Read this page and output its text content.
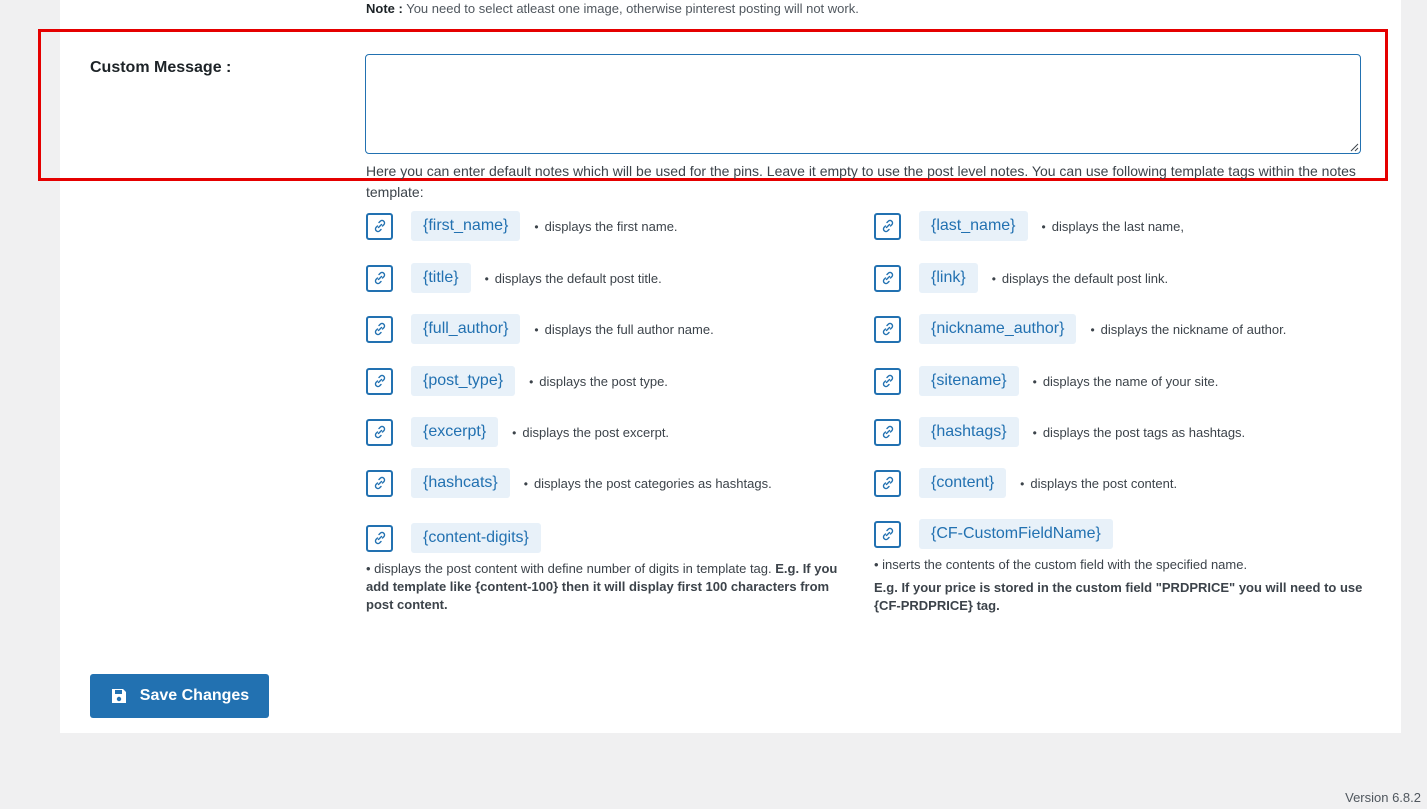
Note : You need to select atleast one image, otherwise pinterest posting will not work.
Custom Message :
Here you can enter default notes which will be used for the pins. Leave it empty to use the post level notes. You can use following template tags within the notes template:
{first_name}	• displays the first name.
{title}	• displays the default post title.
{full_author}	• displays the full author name.
{post_type}	• displays the post type.
{excerpt}	• displays the post excerpt.
{hashcats}	• displays the post categories as hashtags.
{content-digits}
• displays the post content with define number of digits in template tag. E.g. If you add template like {content-100} then it will display first 100 characters from post content.
{last_name}	• displays the last name,
{link}	• displays the default post link.
{nickname_author}	• displays the nickname of author.
{sitename}	• displays the name of your site.
{hashtags}	• displays the post tags as hashtags.
{content}	• displays the post content.
{CF-CustomFieldName}
• inserts the contents of the custom field with the specified name.
E.g. If your price is stored in the custom field "PRDPRICE" you will need to use {CF-PRDPRICE} tag.
Save Changes
Version 6.8.2
